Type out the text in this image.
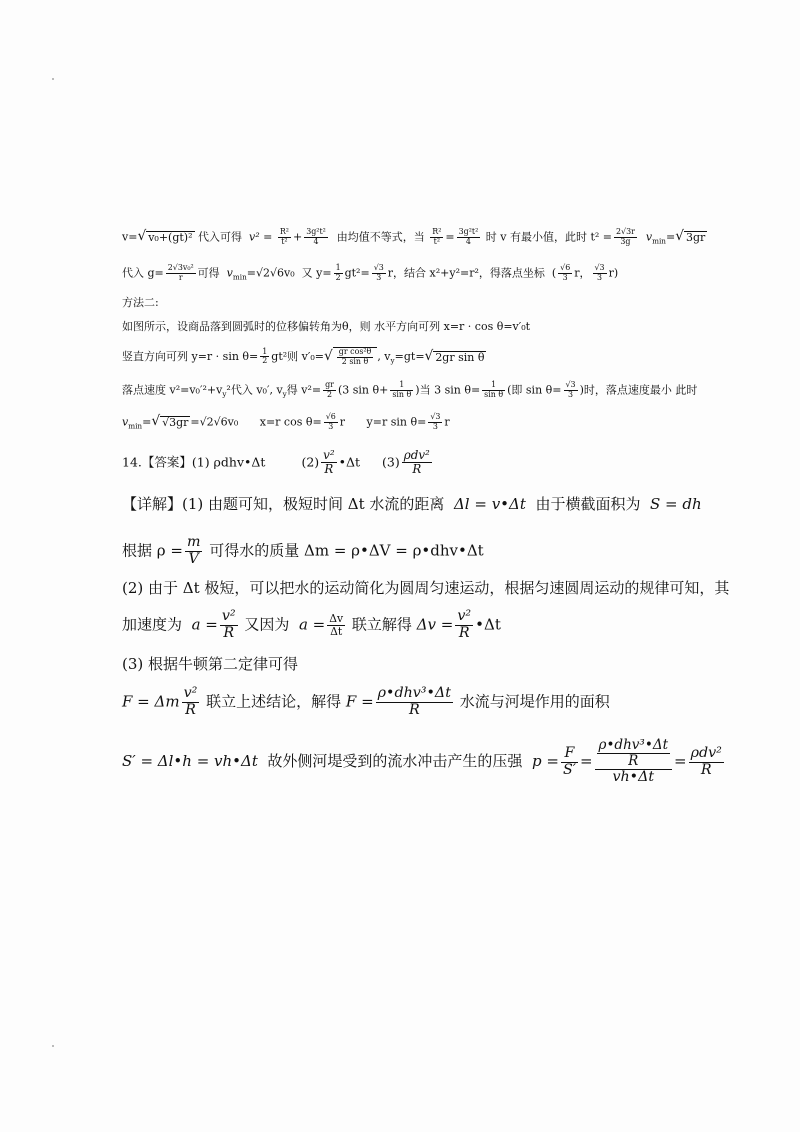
v=√ v₀+(gt)² 代入可得 $v^2 = \frac{\text{R²}}{\text{t²}} + \frac{\text{3g²t²}}{4}$ 由均值不等式，当 $\frac{\text{R²}}{\text{t²}} = \frac{\text{3g²t²}}{4}$ 时 v 有最小值，此时 $t^2 = \frac{2√3r}{3g} v_{min}=√$ 3gr
代入 $g= \frac{\text{2√3v₀²}}{r}$ 可得 $v_{min}=√2√6v_0$ 又 $y= \frac{1}{2} gt^2= \frac{√3}{3}$ r，结合 x²+y²=r²，得落点坐标 ( $\frac{√6}{3}$ r， $\frac{√3}{3} r$)
方法二:
如图所示，设商品落到圆弧时的位移偏转角为θ，则 水平方向可列 x=r · cos θ=v′₀t
竖直方向可列 $y=r \cdot \sin \theta= \frac{1}{2} gt^2$则 $v'_0=√ \frac{\text{gr cos²θ}}{\text{2 sin θ}}$ , $v_y=gt=√$ 2gr sin θ
落点速度 $v^2=v_0'^2+v_y^2$代入 v₀′, $v_y$得 $v^2= \frac{gr}{2} (3$ $\sin \theta+ \frac{1}{\text{sin θ}}$ )当 3 $\sin \theta= \frac{1}{\text{sin θ}}$ (即 $\sin \theta= \frac{√3}{3}$ )时，落点速度最小 此时
$v_{min}=√$ √3gr =√2√6v₀ x=r $\cos \theta= \frac{√6}{3}$ r y=r $\sin \theta= \frac{√3}{3}$ r
14.【答案】(1) ρdhv•Δt	$(2) \frac{\text{v²}}{R}$ •Δt $(3) \frac{\text{ρdv²}}{R}$
【详解】(1) 由题可知，极短时间 Δt 水流的距离 Δl = v•Δt 由于横截面积为 S = dh
根据 $\rho = \frac{m}{V}$ 可得水的质量 Δm = ρ•ΔV = ρ•dhv•Δt
(2) 由于 Δt 极短，可以把水的运动简化为圆周匀速运动，根据匀速圆周运动的规律可知，其
加速度为 $a = \frac{\text{v²}}{R}$ 又因为 $a = \frac{\Delta v}{\Delta t}$ 联立解得 $\Delta v = \frac{\text{v²}}{R}$ •Δt
(3) 根据牛顿第二定律可得
F = Δm $\frac{\text{v²}}{R}$ 联立上述结论，解得 $F = \frac{\text{ρ•dhv³•Δt}}{R}$ 水流与河堤作用的面积
S′ = Δl•h = vh•Δt 故外侧河堤受到的流水冲击产生的压强 $p = \frac{F}{S'} = \frac{\frac{\text{ρ•dhv³•Δt}}{R}}{vh•\Delta t} = \frac{\text{ρdv²}}{R}$
